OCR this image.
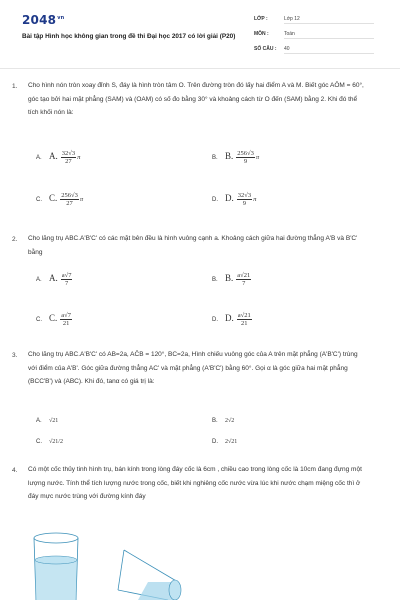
$2048^{vn}$
Bài tập Hình học không gian trong đề thi Đại học 2017 có lời giải (P20)
LỚP :	Lớp 12
MÔN :	Toán
SỐ CÂU : 40
1. Cho hình nón tròn xoay đỉnh S, đáy là hình tròn tâm O. Trên đường tròn đó lấy hai điểm A và M. Biết góc AÔM = 60°, góc tạo bởi hai mặt phẳng (SAM) và (OAM) có số đo bằng 30° và khoảng cách từ O đến (SAM) bằng 2. Khi đó thể tích khối nón là:
A. A. $\frac{32√3}{27}$ π	B. B. $\frac{256√3}{9}$ π
C. C. $\frac{256√3}{27}$ π	D. D. $\frac{32√3}{9}$ π
2. Cho lăng trụ ABC.A'B'C' có các mặt bên đều là hình vuông cạnh a. Khoảng cách giữa hai đường thẳng A'B và B'C' bằng
A. A. $\frac{a√7}{7}$	B. B. $\frac{a√21}{7}$
C. C. $\frac{a√7}{21}$	D. D. $\frac{a√21}{21}$
3. Cho lăng trụ ABC.A'B'C' có AB=2a, AĈB = 120°, BC=2a, Hình chiếu vuông góc của A trên mặt phẳng (A'B'C') trùng với điểm của A'B'. Góc giữa đường thẳng AC' và mặt phẳng (A'B'C') bằng 60°. Gọi α là góc giữa hai mặt phẳng (BCC'B') và (ABC). Khi đó, tanα có giá trị là:
A. √21	B. 2√2
C. √21/2	D. 2√21
4. Có một cốc thủy tinh hình trụ, bán kính trong lòng đáy cốc là 6cm , chiều cao trong lòng cốc là 10cm đang đựng một lượng nước. Tính thể tích lượng nước trong cốc, biết khi nghiêng cốc nước vừa lúc khi nước chạm miệng cốc thì ở đáy mực nước trùng với đường kính đáy
